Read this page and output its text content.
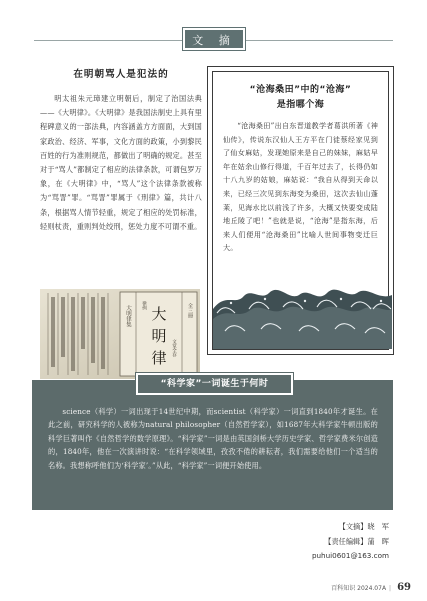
文 摘
在明朝骂人是犯法的

明太祖朱元璋建立明朝后，制定了治国法典——《大明律》。《大明律》是我国法制史上具有里程碑意义的一部法典，内容涵盖方方面面，大到国家政治、经济、军事，文化方面的政策，小到黎民百姓的行为准则规范，都做出了明确的规定。甚至对于“骂人”都制定了相应的法律条款，可谓包罗万象，在《大明律》中，“骂人”这个法律条款被称为“骂詈”罪。“骂詈”罪属于《刑律》篇，共计八条，根据骂人情节轻重，规定了相应的处罚标准，轻则杖责，重则判处绞刑，惩处力度不可谓不重。

大明律集 大
明
律
全三冊
文堂全存
律例
“沧海桑田”中的“沧海”
是指哪个海

“沧海桑田”出自东晋道教学者葛洪所著《神仙传》，传说东汉仙人王方平在门徒蔡经家见到了仙女麻姑，发现她原来是自己的妹妹，麻姑早年在姑余山修行得道，千百年过去了，长得仍如十八九岁的姑娘，麻姑说：“我自从得到天命以来，已经三次见到东海变为桑田，这次去仙山蓬莱，见海水比以前浅了许多，大概又快要变成陆地丘陵了吧！”也就是说，“沧海”是指东海，后来人们便用“沧海桑田”比喻人世间事物变迁巨大。

“科学家”一词诞生于何时

science（科学）一词出现于14世纪中期，而scientist（科学家）一词直到1840年才诞生。在此之前，研究科学的人被称为natural philosopher（自然哲学家），如1687年大科学家牛顿出版的科学巨著叫作《自然哲学的数学原理》。“科学家”一词是由英国剑桥大学历史学家、哲学家费米尔创造的，1840年，他在一次演讲时说：“在科学领域里，孜孜不倦的耕耘者，我们需要给他们一个适当的名称。我想称呼他们为‘科学家’。”从此，“科学家”一词便开始使用。

【文摘】晓　军
【责任编辑】蒲　晖
puhui0601@163.com
百科知识 2024.07A | 69
